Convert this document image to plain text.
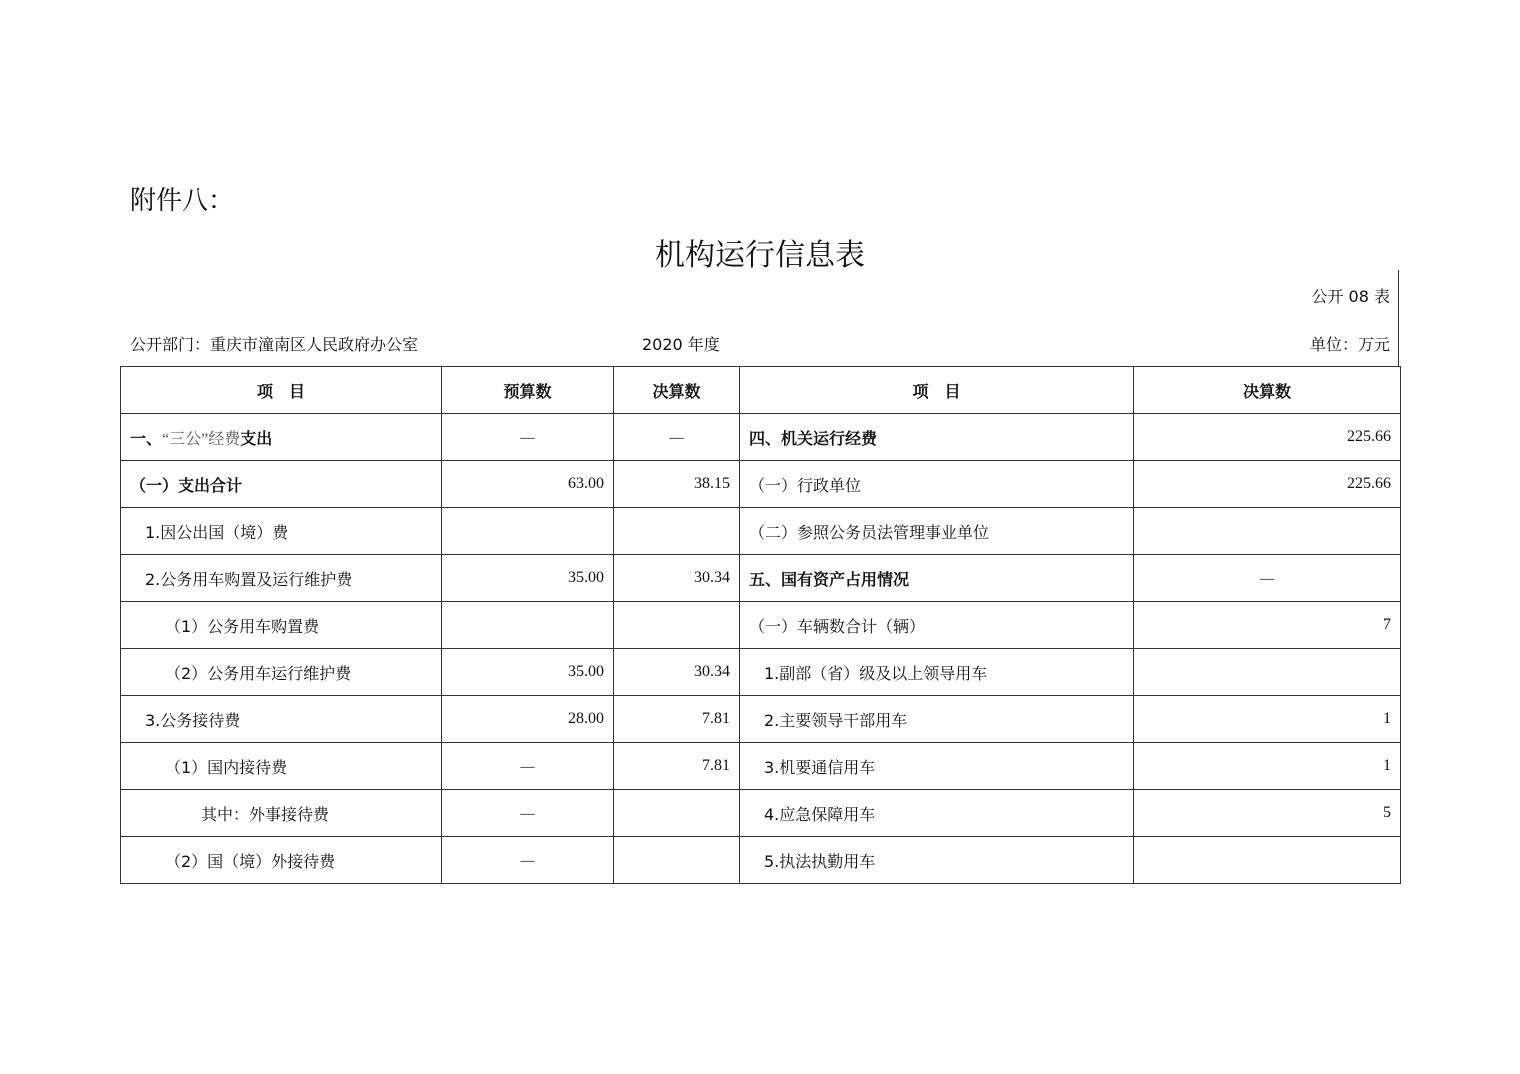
附件八：
机构运行信息表
公开 08 表
公开部门：重庆市潼南区人民政府办公室	2020 年度	单位：万元
项　目	预算数	决算数	项　目	决算数
一、“三公”经费支出	—	—	四、机关运行经费	225.66
（一）支出合计	63.00	38.15	（一）行政单位	225.66
1.因公出国（境）费			（二）参照公务员法管理事业单位	
2.公务用车购置及运行维护费	35.00	30.34	五、国有资产占用情况	—
（1）公务用车购置费			（一）车辆数合计（辆）	7
（2）公务用车运行维护费	35.00	30.34	1.副部（省）级及以上领导用车	
3.公务接待费	28.00	7.81	2.主要领导干部用车	1
（1）国内接待费	—	7.81	3.机要通信用车	1
其中：外事接待费	—		4.应急保障用车	5
（2）国（境）外接待费	—		5.执法执勤用车	
